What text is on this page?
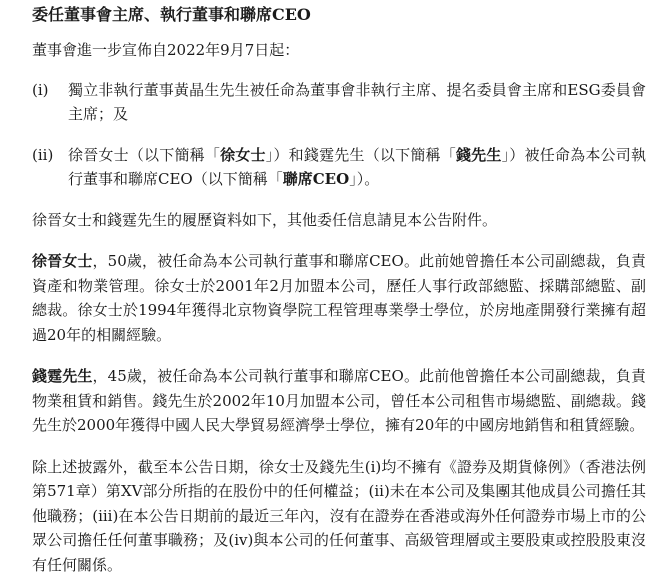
委任董事會主席、執行董事和聯席CEO

董事會進一步宣佈自2022年9月7日起：

(i)	獨立非執行董事黃晶生先生被任命為董事會非執行主席、提名委員會主席和ESG委員會主席；及

(ii) 徐晉女士（以下簡稱「徐女士」）和錢霆先生（以下簡稱「錢先生」）被任命為本公司執行董事和聯席CEO（以下簡稱「聯席CEO」）。

徐晉女士和錢霆先生的履歷資料如下，其他委任信息請見本公告附件。

徐晉女士，50歲，被任命為本公司執行董事和聯席CEO。此前她曾擔任本公司副總裁，負責資產和物業管理。徐女士於2001年2月加盟本公司，歷任人事行政部總監、採購部總監、副總裁。徐女士於1994年獲得北京物資學院工程管理專業學士學位，於房地產開發行業擁有超過20年的相關經驗。

錢霆先生，45歲，被任命為本公司執行董事和聯席CEO。此前他曾擔任本公司副總裁，負責物業租賃和銷售。錢先生於2002年10月加盟本公司，曾任本公司租售市場總監、副總裁。錢先生於2000年獲得中國人民大學貿易經濟學士學位，擁有20年的中國房地銷售和租賃經驗。

除上述披露外，截至本公告日期，徐女士及錢先生(i)均不擁有《證券及期貨條例》（香港法例第571章）第XV部分所指的在股份中的任何權益；(ii)未在本公司及集團其他成員公司擔任其他職務；(iii)在本公告日期前的最近三年內，沒有在證券在香港或海外任何證券市場上市的公眾公司擔任任何董事職務；及(iv)與本公司的任何董事、高級管理層或主要股東或控股股東沒有任何關係。
